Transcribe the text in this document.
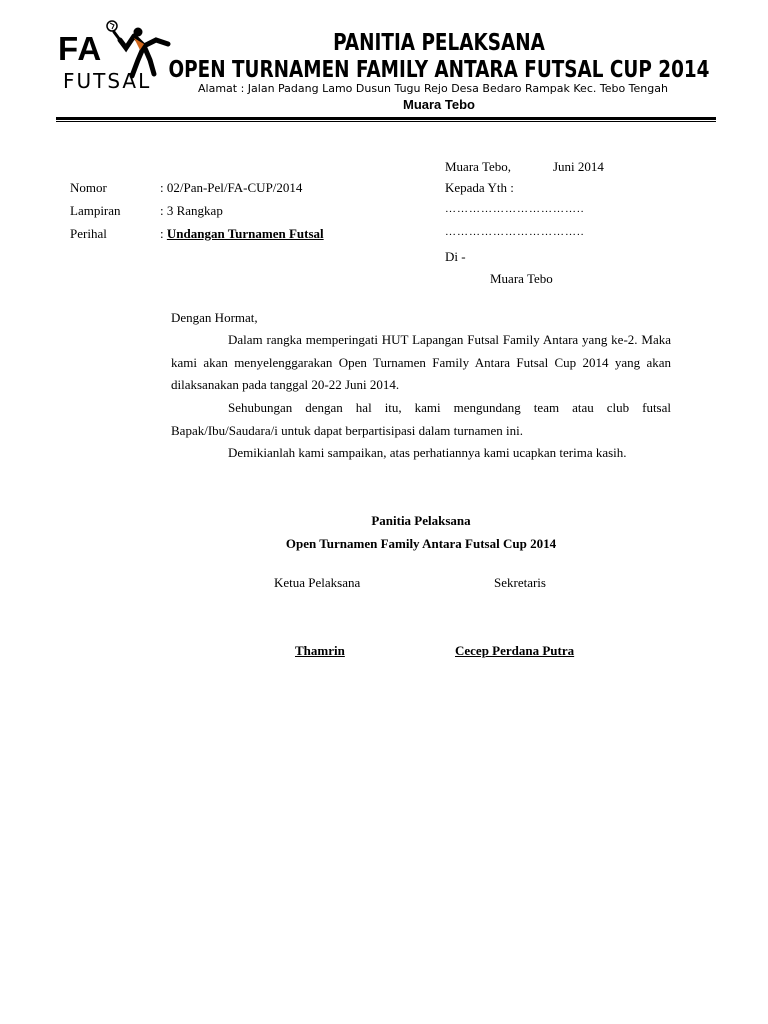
FA
FUTSAL
PANITIA PELAKSANA
OPEN TURNAMEN FAMILY ANTARA FUTSAL CUP 2014
Alamat : Jalan Padang Lamo Dusun Tugu Rejo Desa Bedaro Rampak Kec. Tebo Tengah
Muara Tebo
Muara Tebo,	Juni 2014
Nomor	: 02/Pan-Pel/FA-CUP/2014	Kepada Yth :
Lampiran	: 3 Rangkap	……………………………..
Perihal	: Undangan Turnamen Futsal	……………………………..
Di -
Muara Tebo
Dengan Hormat,
Dalam rangka memperingati HUT Lapangan Futsal Family Antara yang ke-2. Maka kami akan menyelenggarakan Open Turnamen Family Antara Futsal Cup 2014 yang akan dilaksanakan pada tanggal 20-22 Juni 2014.
Sehubungan dengan hal itu, kami mengundang team atau club futsal Bapak/Ibu/Saudara/i untuk dapat berpartisipasi dalam turnamen ini.
Demikianlah kami sampaikan, atas perhatiannya kami ucapkan terima kasih.
Panitia Pelaksana
Open Turnamen Family Antara Futsal Cup 2014
Ketua Pelaksana	Sekretaris
Thamrin	Cecep Perdana Putra
